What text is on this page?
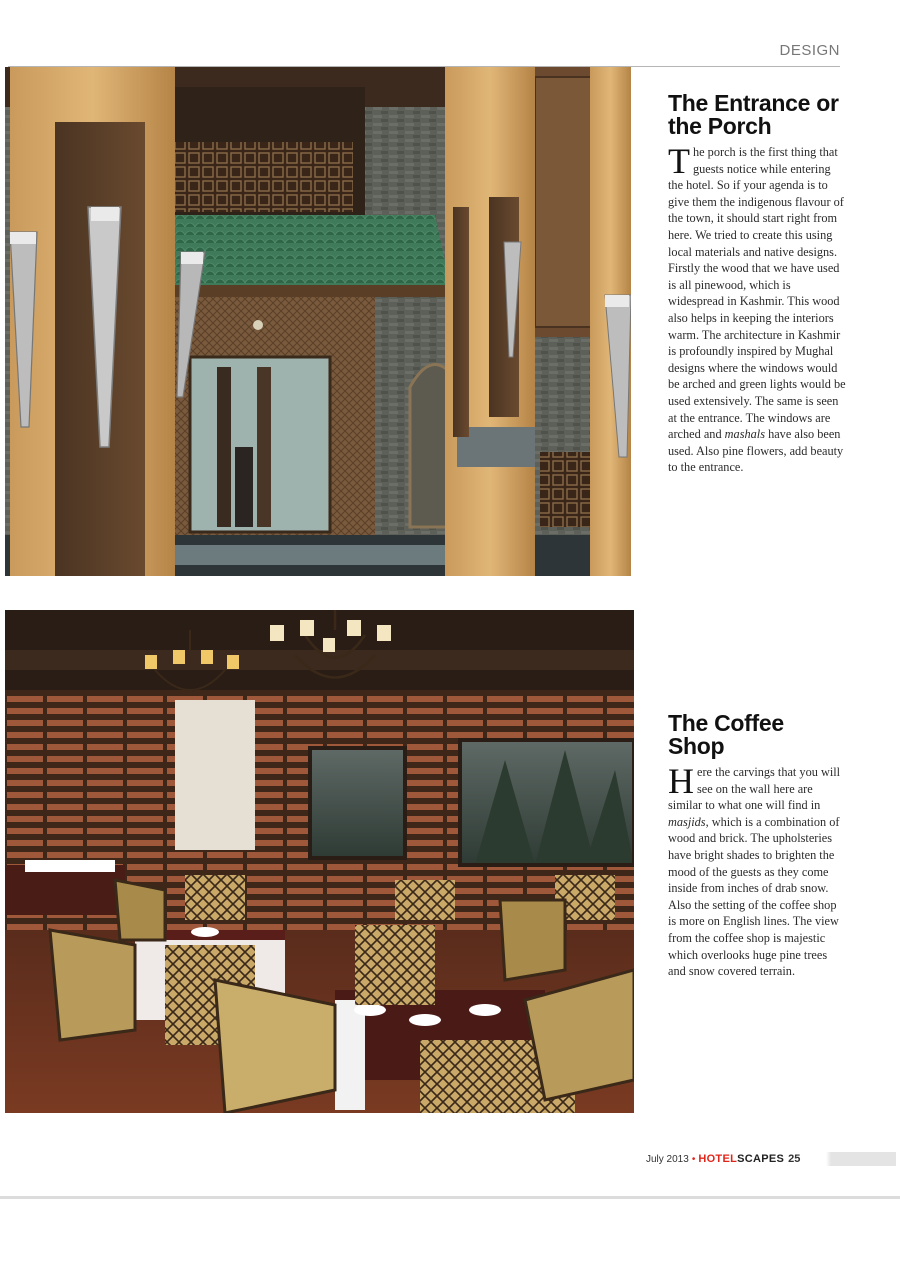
DESIGN
The Entrance or the Porch

The porch is the first thing that guests notice while entering the hotel. So if your agenda is to give them the indigenous flavour of the town, it should start right from here. We tried to create this using local materials and native designs. Firstly the wood that we have used is all pinewood, which is widespread in Kashmir. This wood also helps in keeping the interiors warm. The architecture in Kashmir is profoundly inspired by Mughal designs where the windows would be arched and green lights would be used extensively. The same is seen at the entrance. The windows are arched and mashals have also been used. Also pine flowers, add beauty to the entrance.

The Coffee Shop

Here the carvings that you will see on the wall here are similar to what one will find in masjids, which is a combination of wood and brick. The upholsteries have bright shades to brighten the mood of the guests as they come inside from inches of drab snow. Also the setting of the coffee shop is more on English lines. The view from the coffee shop is majestic which overlooks huge pine trees and snow covered terrain.

July 2013 • HOTELSCAPES 25
